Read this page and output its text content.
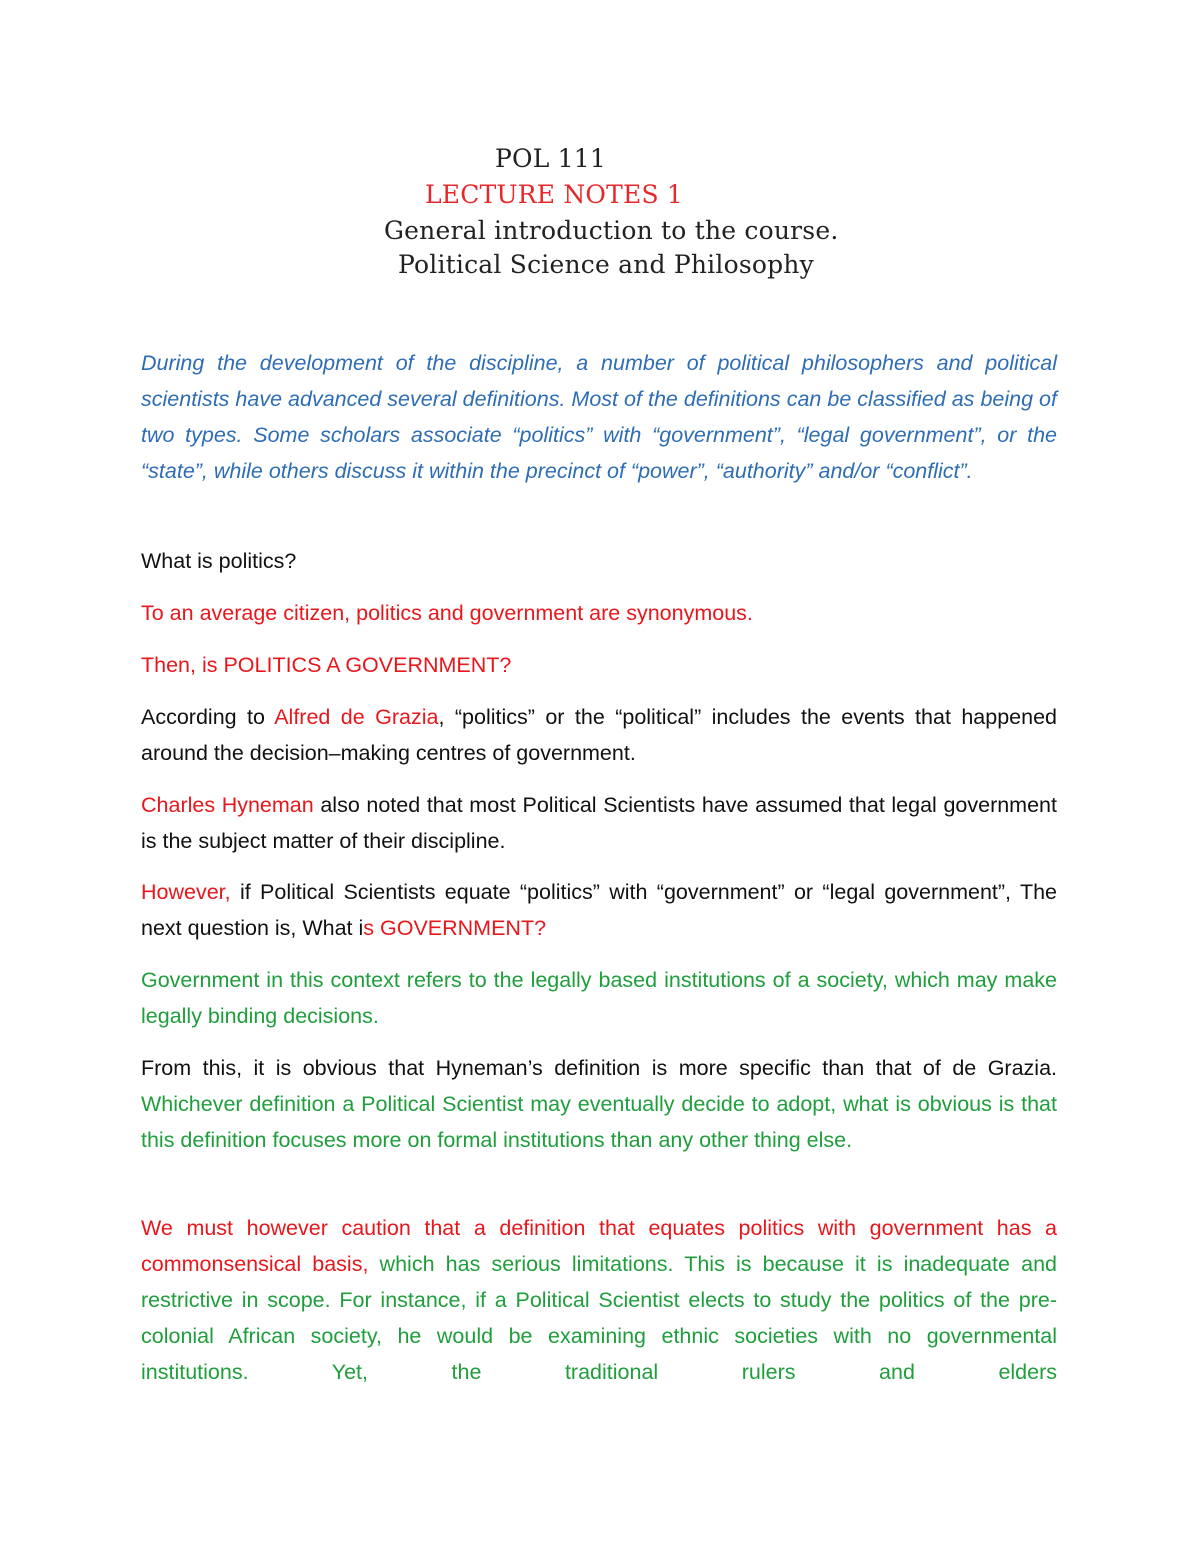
POL 111
LECTURE NOTES 1
General introduction to the course.
Political Science and Philosophy

During the development of the discipline, a number of political philosophers and political scientists have advanced several definitions. Most of the definitions can be classified as being of two types. Some scholars associate “politics” with “government”, “legal government”, or the “state”, while others discuss it within the precinct of “power”, “authority” and/or “conflict”.

What is politics?

To an average citizen, politics and government are synonymous.

Then, is POLITICS A GOVERNMENT?

According to Alfred de Grazia, “politics” or the “political” includes the events that happened around the decision–making centres of government.

Charles Hyneman also noted that most Political Scientists have assumed that legal government is the subject matter of their discipline.

However, if Political Scientists equate “politics” with “government” or “legal government”, The next question is, What is GOVERNMENT?

Government in this context refers to the legally based institutions of a society, which may make legally binding decisions.

From this, it is obvious that Hyneman’s definition is more specific than that of de Grazia. Whichever definition a Political Scientist may eventually decide to adopt, what is obvious is that this definition focuses more on formal institutions than any other thing else.

We must however caution that a definition that equates politics with government has a commonsensical basis, which has serious limitations. This is because it is inadequate and restrictive in scope. For instance, if a Political Scientist elects to study the politics of the pre-colonial African society, he would be examining ethnic societies with no governmental institutions. Yet, the traditional rulers and elders
